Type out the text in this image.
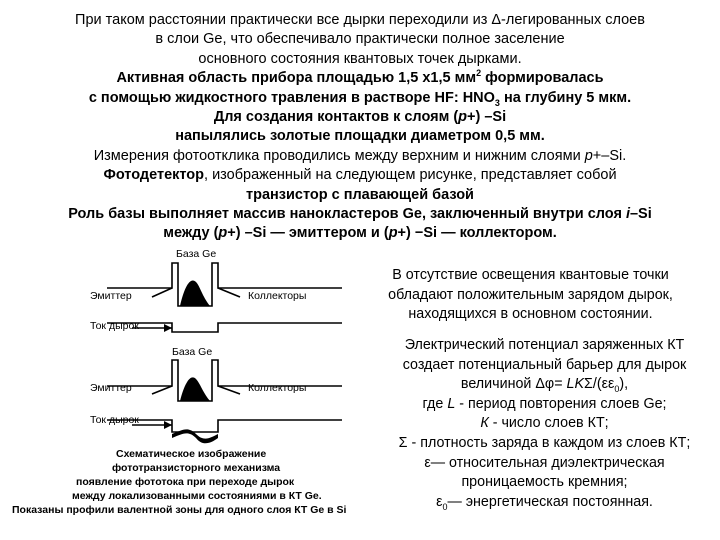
При таком расстоянии практически все дырки переходили из Δ-легированных слоев
в слои Ge, что обеспечивало практически полное заселение
основного состояния квантовых точек дырками.
Активная область прибора площадью 1,5 х1,5 $мм^2$ формировалась
с помощью жидкостного травления в растворе HF: $HNO_3$ на глубину 5 мкм.
Для создания контактов к слоям (p+) –Si
напылялись золотые площадки диаметром 0,5 мм.
Измерения фотоотклика проводились между верхним и нижним слоями p+–Si.
Фотодетектор, изображенный на следующем рисунке, представляет собой
транзистор с плавающей базой
Роль базы выполняет массив нанокластеров Ge, заключенный внутри слоя i–Si
между (p+) –Si — эмиттером и (p+) −Si — коллектором.
База Ge
Эмиттер	Коллекторы
Ток дырок
База Ge
Эмиттер	Коллекторы
Ток дырок
Схематическое изображение
фототранзисторного механизма
появление фототока при переходе дырок
между локализованными состояниями в КТ Ge.
Показаны профили валентной зоны для одного слоя КТ Ge в Si
В отсутствие освещения квантовые точки
обладают положительным зарядом дырок,
находящихся в основном состоянии.
Электрический потенциал заряженных КТ
создает потенциальный барьер для дырок
величиной Δφ= LKΣ/$(\varepsilon\varepsilon_0)$,
где L - период повторения слоев Ge;
К - число слоев КТ;
Σ - плотность заряда в каждом из слоев КТ;
ε— относительная диэлектрическая
проницаемость кремния;
$\varepsilon_0—$ энергетическая постоянная.
